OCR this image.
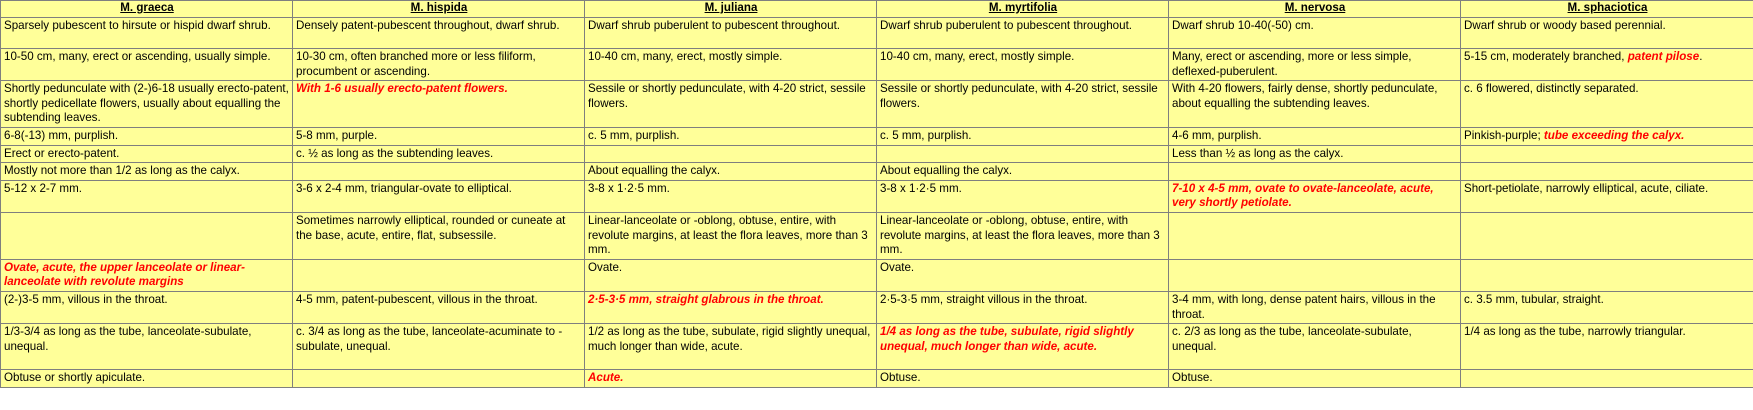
M. graeca	M. hispida	M. juliana	M. myrtifolia	M. nervosa	M. sphaciotica
Sparsely pubescent to hirsute or hispid dwarf shrub.	Densely patent-pubescent throughout, dwarf shrub.	Dwarf shrub puberulent to pubescent throughout.	Dwarf shrub puberulent to pubescent throughout.	Dwarf shrub 10-40(-50) cm.	Dwarf shrub or woody based perennial.
10-50 cm, many, erect or ascending, usually simple.	10-30 cm, often branched more or less filiform, procumbent or ascending.	10-40 cm, many, erect, mostly simple.	10-40 cm, many, erect, mostly simple.	Many, erect or ascending, more or less simple, deflexed-puberulent.	5-15 cm, moderately branched, patent pilose.
Shortly pedunculate with (2-)6-18 usually erecto-patent, shortly pedicellate flowers, usually about equalling the subtending leaves.	With 1-6 usually erecto-patent flowers.	Sessile or shortly pedunculate, with 4-20 strict, sessile flowers.	Sessile or shortly pedunculate, with 4-20 strict, sessile flowers.	With 4-20 flowers, fairly dense, shortly pedunculate, about equalling the subtending leaves.	c. 6 flowered, distinctly separated.
6-8(-13) mm, purplish.	5-8 mm, purple.	c. 5 mm, purplish.	c. 5 mm, purplish.	4-6 mm, purplish.	Pinkish-purple; tube exceeding the calyx.
Erect or erecto-patent.	c. ½ as long as the subtending leaves.			Less than ½ as long as the calyx.	
Mostly not more than 1/2 as long as the calyx.		About equalling the calyx.	About equalling the calyx.		
5-12 x 2-7 mm.	3-6 x 2-4 mm, triangular-ovate to elliptical.	3-8 x 1·2·5 mm.	3-8 x 1·2·5 mm.	7-10 x 4-5 mm, ovate to ovate-lanceolate, acute, very shortly petiolate.	Short-petiolate, narrowly elliptical, acute, ciliate.
	Sometimes narrowly elliptical, rounded or cuneate at the base, acute, entire, flat, subsessile.	Linear-lanceolate or -oblong, obtuse, entire, with revolute margins, at least the flora leaves, more than 3 mm.	Linear-lanceolate or -oblong, obtuse, entire, with revolute margins, at least the flora leaves, more than 3 mm.		
Ovate, acute, the upper lanceolate or linear-lanceolate with revolute margins		Ovate.	Ovate.		
(2-)3-5 mm, villous in the throat.	4-5 mm, patent-pubescent, villous in the throat.	2·5-3·5 mm, straight glabrous in the throat.	2·5-3·5 mm, straight villous in the throat.	3-4 mm, with long, dense patent hairs, villous in the throat.	c. 3.5 mm, tubular, straight.
1/3-3/4 as long as the tube, lanceolate-subulate, unequal.	c. 3/4 as long as the tube, lanceolate-acuminate to -subulate, unequal.	1/2 as long as the tube, subulate, rigid slightly unequal, much longer than wide, acute.	1/4 as long as the tube, subulate, rigid slightly unequal, much longer than wide, acute.	c. 2/3 as long as the tube, lanceolate-subulate, unequal.	1/4 as long as the tube, narrowly triangular.
Obtuse or shortly apiculate.		Acute.	Obtuse.	Obtuse.	
